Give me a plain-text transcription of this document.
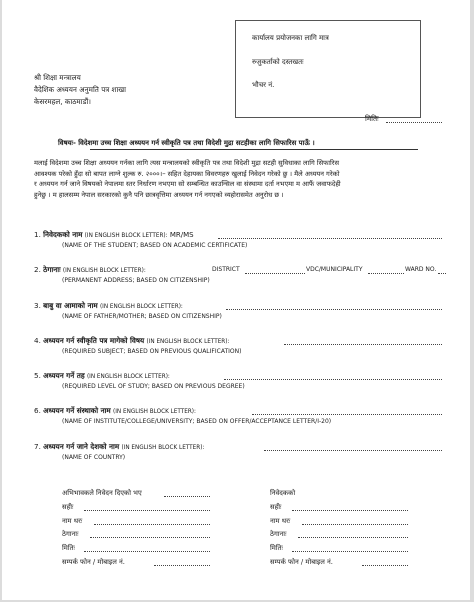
कार्यालय प्रयोजनका लागि मात्र
रुजुकर्ताको दस्तखतः
भौचर नं.
श्री शिक्षा मन्त्रालय
वैदेशिक अध्ययन अनुमति पत्र शाखा
केसरमहल, काठमाडौं।
मितिः
विषयः- विदेशमा उच्च शिक्षा अध्ययन गर्न स्वीकृति पत्र तथा विदेशी मुद्रा सटहीका लागि सिफारिस पाऊँ ।
मलाई विदेशमा उच्च शिक्षा अध्ययन गर्नका लागि त्यस मन्त्रालयको स्वीकृति पत्र तथा विदेशी मुद्रा सटही सुविधाका लागि सिफारिस
आवश्यक परेको हुँदा सो बापत लाग्ने शुल्क रु. २०००।– सहित देहायका विवरणहरु खुलाई निवेदन गरेको छु । मैले अध्ययन गरेको
र अध्ययन गर्न जाने विषयको नेपालमा स्तर निर्धारण नभएमा सो सम्बन्धित काउन्सिल वा संस्थामा दर्ता नभएमा म आफैं जवाफदेही
हुनेछु । म हालसम्म नेपाल सरकारको कुनै पनि छात्रवृत्तिमा अध्ययन गर्न नगएको व्यहोरासमेत अनुरोध छ ।
1. निवेदकको नाम (IN ENGLISH BLOCK LETTER): MR/MS
(NAME OF THE STUDENT; BASED ON ACADEMIC CERTIFICATE)
2. ठेगानाः (IN ENGLISH BLOCK LETTER):	DISTRICT	VDC/MUNICIPALITY	WARD NO.
(PERMANENT ADDRESS; BASED ON CITIZENSHIP)
3. बाबु वा आमाको नाम (IN ENGLISH BLOCK LETTER):
(NAME OF FATHER/MOTHER; BASED ON CITIZENSHIP)
4. अध्ययन गर्न स्वीकृति पत्र मागेको विषय (IN ENGLISH BLOCK LETTER):
(REQUIRED SUBJECT; BASED ON PREVIOUS QUALIFICATION)
5. अध्ययन गर्ने तह (IN ENGLISH BLOCK LETTER):
(REQUIRED LEVEL OF STUDY; BASED ON PREVIOUS DEGREE)
6. अध्ययन गर्ने संस्थाको नाम (IN ENGLISH BLOCK LETTER):
(NAME OF INSTITUTE/COLLEGE/UNIVERSITY; BASED ON OFFER/ACCEPTANCE LETTER/I-20)
7. अध्ययन गर्न जाने देशको नाम (IN ENGLISH BLOCK LETTER):
(NAME OF COUNTRY)
अभिभावकले निवेदन दिएको भए
सहीः
नाम थरः
ठेगानाः
मितिः
सम्पर्क फोन / मोबाइल नं.
निवेदकको
सहीः
नाम थरः
ठेगानाः
मितिः
सम्पर्क फोन / मोबाइल नं.
